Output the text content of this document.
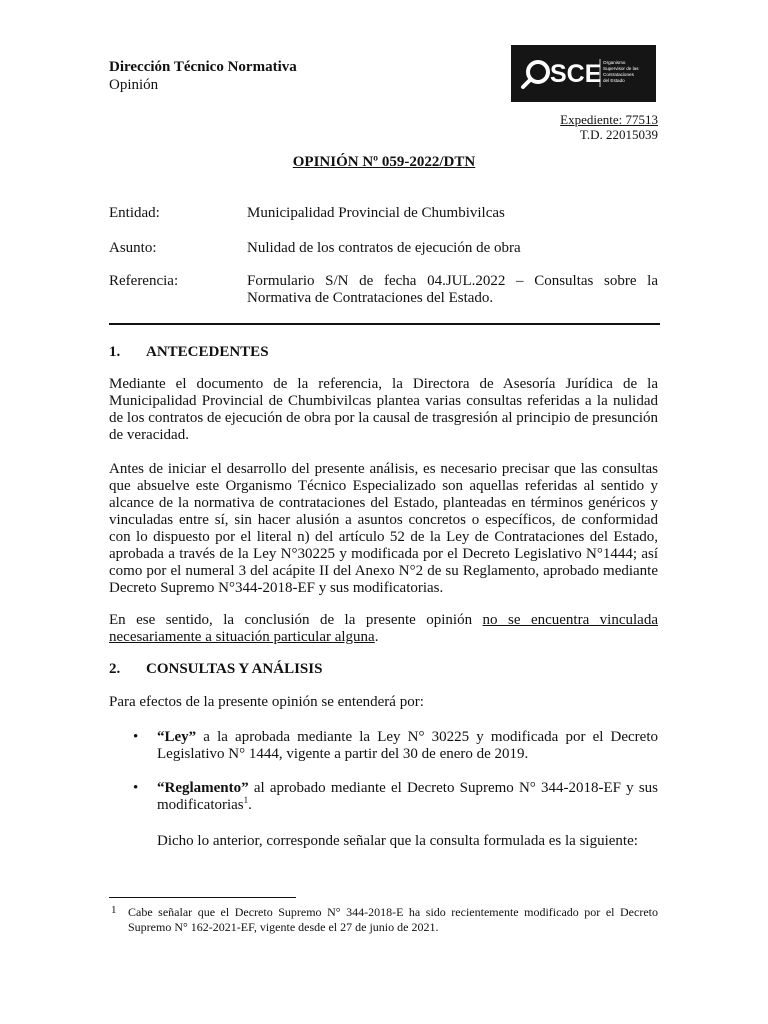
Dirección Técnico Normativa
Opinión	SCE Organismo
Supervisor de las
Contrataciones
del Estado
Expediente: 77513
T.D. 22015039
OPINIÓN Nº 059-2022/DTN
Entidad:	Municipalidad Provincial de Chumbivilcas
Asunto:	Nulidad de los contratos de ejecución de obra
Referencia:	Formulario S/N de fecha 04.JUL.2022 – Consultas sobre la Normativa de Contrataciones del Estado.
1. ANTECEDENTES
Mediante el documento de la referencia, la Directora de Asesoría Jurídica de la Municipalidad Provincial de Chumbivilcas plantea varias consultas referidas a la nulidad de los contratos de ejecución de obra por la causal de trasgresión al principio de presunción de veracidad.
Antes de iniciar el desarrollo del presente análisis, es necesario precisar que las consultas que absuelve este Organismo Técnico Especializado son aquellas referidas al sentido y alcance de la normativa de contrataciones del Estado, planteadas en términos genéricos y vinculadas entre sí, sin hacer alusión a asuntos concretos o específicos, de conformidad con lo dispuesto por el literal n) del artículo 52 de la Ley de Contrataciones del Estado, aprobada a través de la Ley N°30225 y modificada por el Decreto Legislativo N°1444; así como por el numeral 3 del acápite II del Anexo N°2 de su Reglamento, aprobado mediante Decreto Supremo N°344-2018-EF y sus modificatorias.
En ese sentido, la conclusión de la presente opinión no se encuentra vinculada necesariamente a situación particular alguna.
2. CONSULTAS Y ANÁLISIS
Para efectos de la presente opinión se entenderá por:
• “Ley” a la aprobada mediante la Ley N° 30225 y modificada por el Decreto Legislativo N° 1444, vigente a partir del 30 de enero de 2019.
• “Reglamento” al aprobado mediante el Decreto Supremo N° 344-2018-EF y sus modificatorias$^1$.
Dicho lo anterior, corresponde señalar que la consulta formulada es la siguiente:
1 Cabe señalar que el Decreto Supremo N° 344-2018-E ha sido recientemente modificado por el Decreto Supremo N° 162-2021-EF, vigente desde el 27 de junio de 2021.
